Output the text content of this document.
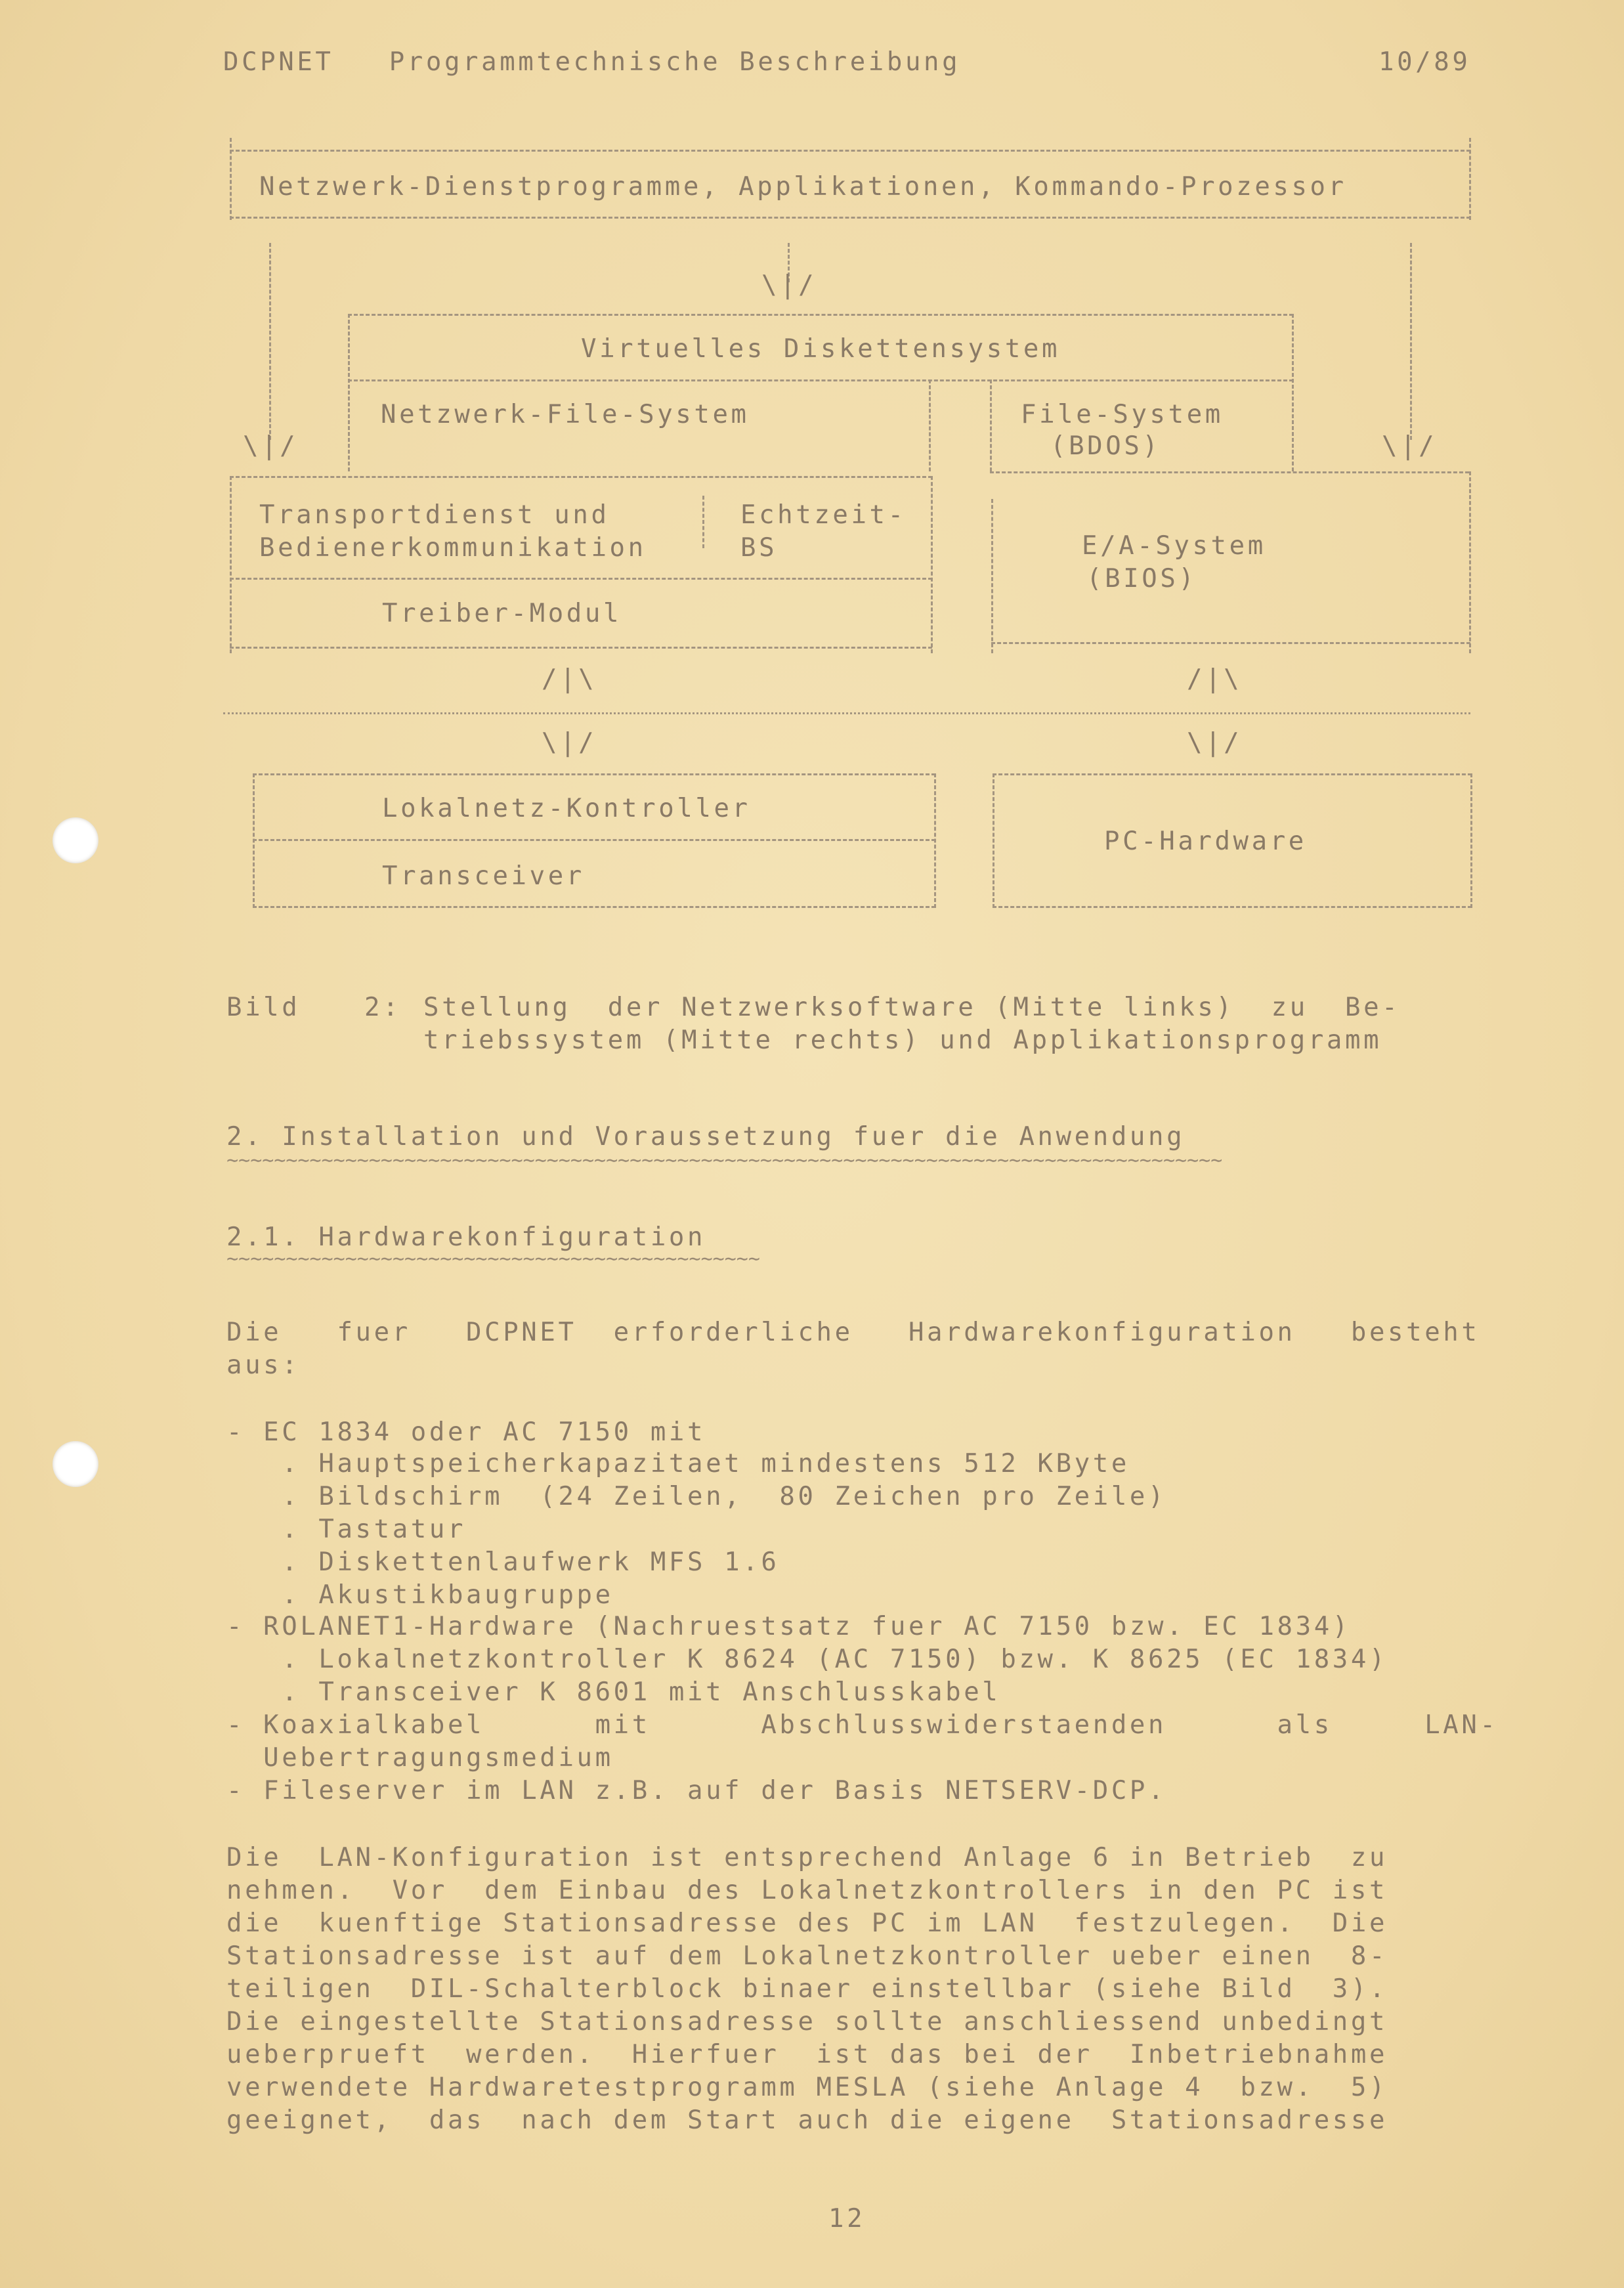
DCPNET   Programmtechnische Beschreibung	10/89
Netzwerk-Dienstprogramme, Applikationen, Kommando-Prozessor
\|/
Virtuelles Diskettensystem
Netzwerk-File-System	File-System
(BDOS)
\|/	\|/
Transportdienst und
Bedienerkommunikation
Echtzeit-
BS
Treiber-Modul
E/A-System
(BIOS)
/|\	/|\
\|/	\|/
Lokalnetz-Kontroller
Transceiver
PC-Hardware
Bild	2: Stellung  der Netzwerksoftware (Mitte links)  zu  Be-
triebssystem (Mitte rechts) und Applikationsprogramm
2. Installation und Voraussetzung fuer die Anwendung
∼∼∼∼∼∼∼∼∼∼∼∼∼∼∼∼∼∼∼∼∼∼∼∼∼∼∼∼∼∼∼∼∼∼∼∼∼∼∼∼∼∼∼∼∼∼∼∼∼∼∼∼∼∼∼∼∼∼∼∼∼∼∼∼∼∼∼∼∼∼∼∼∼∼∼∼∼∼∼∼∼∼∼∼
2.1. Hardwarekonfiguration
∼∼∼∼∼∼∼∼∼∼∼∼∼∼∼∼∼∼∼∼∼∼∼∼∼∼∼∼∼∼∼∼∼∼∼∼∼∼∼∼∼∼∼∼∼
Die   fuer   DCPNET  erforderliche   Hardwarekonfiguration   besteht
aus:
- EC 1834 oder AC 7150 mit
. Hauptspeicherkapazitaet mindestens 512 KByte
. Bildschirm  (24 Zeilen,  80 Zeichen pro Zeile)
. Tastatur
. Diskettenlaufwerk MFS 1.6
. Akustikbaugruppe
- ROLANET1-Hardware (Nachruestsatz fuer AC 7150 bzw. EC 1834)
. Lokalnetzkontroller K 8624 (AC 7150) bzw. K 8625 (EC 1834)
. Transceiver K 8601 mit Anschlusskabel
- Koaxialkabel      mit      Abschlusswiderstaenden      als     LAN-
Uebertragungsmedium
- Fileserver im LAN z.B. auf der Basis NETSERV-DCP.
Die  LAN-Konfiguration ist entsprechend Anlage 6 in Betrieb  zu
nehmen.  Vor  dem Einbau des Lokalnetzkontrollers in den PC ist
die  kuenftige Stationsadresse des PC im LAN  festzulegen.  Die
Stationsadresse ist auf dem Lokalnetzkontroller ueber einen  8-
teiligen  DIL-Schalterblock binaer einstellbar (siehe Bild  3).
Die eingestellte Stationsadresse sollte anschliessend unbedingt
ueberprueft  werden.  Hierfuer  ist das bei der  Inbetriebnahme
verwendete Hardwaretestprogramm MESLA (siehe Anlage 4  bzw.  5)
geeignet,  das  nach dem Start auch die eigene  Stationsadresse
12
